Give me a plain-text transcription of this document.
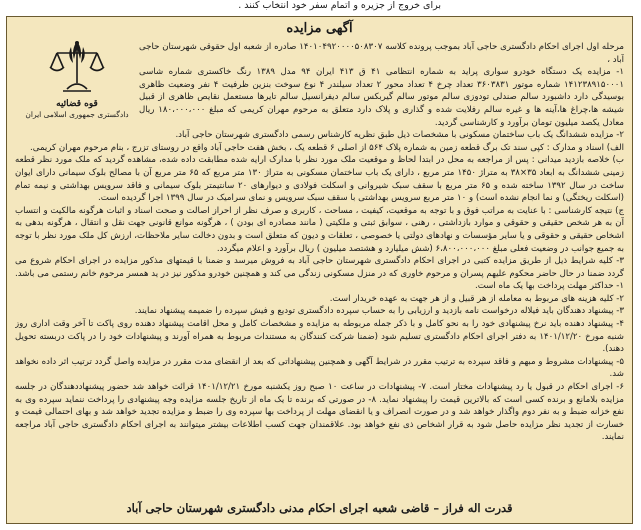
برای خروج از جزیره و اتمام سفر خود انتخاب کنند .
آگهی مزایده
قوه قضائیه
دادگستری جمهوری اسلامی ایران

مرحله اول اجرای احکام دادگستری حاجی آباد بموجب پرونده کلاسه ۱۴۰۱۰۴۹۲۰۰۰۰۵۰۸۳۰۷ صادره از شعبه اول حقوقی شهرستان حاجی آباد ،

۱- مزایده یک دستگاه خودرو سواری پراید به شماره انتظامی ۴۱ ق ۴۱۳ ایران ۹۴ مدل ۱۳۸۹ رنگ خاکستری شماره شاسی ۱۴۱۲۳۸۹۱۵۰۰۰۱ شماره موتور ۳۶۰۳۸۳۱ تعداد چرخ ۴ تعداد محور ۲ تعداد سیلندر ۴ نوع سوخت بنزین ظرفیت ۴ نفر وضعیت ظاهری بوسیدگی دارد داشبورد سالم صندلی تودوزی سالم موتور سالم گیربکس سالم دیفرانسیل سالم تایرها مستعمل نقایص ظاهری از قبیل شیشه ها،چراغ ها،آینه ها و غیره سالم رفلایت شده و گذاری و پلاک دارد متعلق به مرحوم مهران کریمی که مبلغ ۱۸۰،۰۰۰،۰۰۰ ریال معادل یکصد میلیون تومان برآورد و کارشناسی گردید.

۲- مزایده ششدانگ یک باب ساختمان مسکونی با مشخصات ذیل طبق نظریه کارشناس رسمی دادگستری شهرستان حاجی آباد.

الف) اسناد و مدارک : کپی سند تک برگ قطعه زمین به شماره پلاک ۵۶۴ از اصلی ۶ قطعه یک ، بخش هفت حاجی آباد واقع در روستای تزرج ، بنام مرحوم مهران کریمی.

ب) خلاصه بازدید میدانی : پس از مراجعه به محل در ابتدا لحاظ و موقعیت ملک مورد نظر با مدارک ارایه شده مطابقت داده شده، مشاهده گردید که ملک مورد نظر قطعه زمینی ششدانگ به ابعاد ۳۵×۳۸ به متراژ ۱۴۵۰ متر مربع ، دارای یک باب ساختمان مسکونی به متراژ ۱۳۰ متر مربع که ۶۵ متر مربع آن با مصالح بلوک سیمانی دارای ایوان ساخت در سال ۱۳۹۲ ساخته شده و ۶۵ متر مربع با سقف سبک شیروانی و اسکلت فولادی و دیوارهای ۲۰ سانتیمتر بلوک سیمانی و فاقد سرویس بهداشتی و نیمه تمام (اسکلت ریختگی) و نما انجام نشده است) و ۱۰ متر مربع سرویس بهداشتی با سقف سبک سرویس و نمای سرامیک در سال ۱۳۹۹ اجرا گردیده است.

ج) نتیجه کارشناسی : با عنایت به مراتب فوق و با توجه به موقعیت، کیفیت ، مساحت ، کاربری و صرف نظر از احراز اصالت و صحت اسناد و اثبات هرگونه مالکیت و انتساب آن به هر شخص حقیقی و حقوقی و موارد بازداشتی ، رهنی ، سوابق ثبتی و ملکیتی ( مانند مصادره ای بودن ) ، هرگونه موانع قانونی جهت نقل و انتقال ، هرگونه بدهی به اشخاص حقیقی و حقوقی و یا سایر مؤسسات و نهادهای دولتی یا خصوصی ، تعلقات و دیون که متعلق است و بدون دخالت سایر ملاحظات، ارزش کل ملک مورد نظر با توجه به جمیع جوانب در وضعیت فعلی مبلغ ۶،۸۰۰،۰۰۰،۰۰۰ (شش میلیارد و هشتصد میلیون ) ریال برآورد و اعلام میگردد.

۳- کلیه شرایط ذیل از طریق مزایده کتبی در اجرای احکام دادگستری شهرستان حاجی آباد به فروش میرسد و ضمنا با قیمتهای مذکور مزایده در اجرای احکام شروع می گردد ضمنا در حال حاضر محکوم علیهم پسران و مرحوم خاوری که در منزل مسکونی زندگی می کند و همچنین خودرو مذکور نیز در ید همسر مرحوم خانم رستمی می باشد. ۱- حداکثر مهلت پرداخت بها یک ماه است.

۲- کلیه هزینه های مربوط به معامله از هر قبیل و از هر جهت به عهده خریدار است.

۳- پیشنهاد دهندگان باید فیلاله درخواست نامه بازدید و ارزیابی را به حساب سپرده دادگستری تودیع و فیش سپرده را ضمیمه پیشنهاد نمایند.

۴- پیشنهاد دهنده باید نرخ پیشنهادی خود را به نحو کامل و با ذکر جمله مربوطه به مزایده و مشخصات کامل و محل اقامت پیشنهاد دهنده روی پاکت تا آخر وقت اداری روز شنبه مورخ ۱۴۰۱/۱۲/۲۰ به دفتر اجرای احکام دادگستری تسلیم شود (ضمنا شرکت کنندگان به مستندات مربوط به همراه آورند و پیشنهادات خود را در پاکت دربسته تحویل دهند).

۵- پیشنهادات مشروط و مبهم و فاقد سپرده به ترتیب مقرر در شرایط آگهی و همچنین پیشنهاداتی که بعد از انقضای مدت مقرر در مزایده واصل گردد ترتیب اثر داده نخواهد شد.

۶- اجرای احکام در قبول یا رد پیشنهادات مختار است. ۷- پیشنهادات در ساعت ۱۰ صبح روز یکشنبه مورخ ۱۴۰۱/۱۲/۲۱ قرائت خواهد شد حضور پیشنهاددهندگان در جلسه مزایده بلامانع و برنده کسی است که بالاترین قیمت را پیشنهاد نماید. ۸- در صورتی که برنده تا یک ماه از تاریخ جلسه مزایده وجه پیشنهادی را پرداخت ننماید سپرده وی به نفع خزانه ضبط و به نفر دوم واگذار خواهد شد و در صورت انصراف و یا انقضای مهلت از پرداخت بها سپرده وی را ضبط و مزایده تجدید خواهد شد و بهای احتمالی قیمت و خسارت از تجدید نظر مزایده حاصل شود به قرار اشخاص ذی نفع خواهد بود. علاقمندان جهت کسب اطلاعات بیشتر میتوانند به اجرای احکام دادگستری حاجی آباد مراجعه نمایند.

قدرت اله فراز – قاضی شعبه اجرای احکام مدنی دادگستری شهرستان حاجی آباد
